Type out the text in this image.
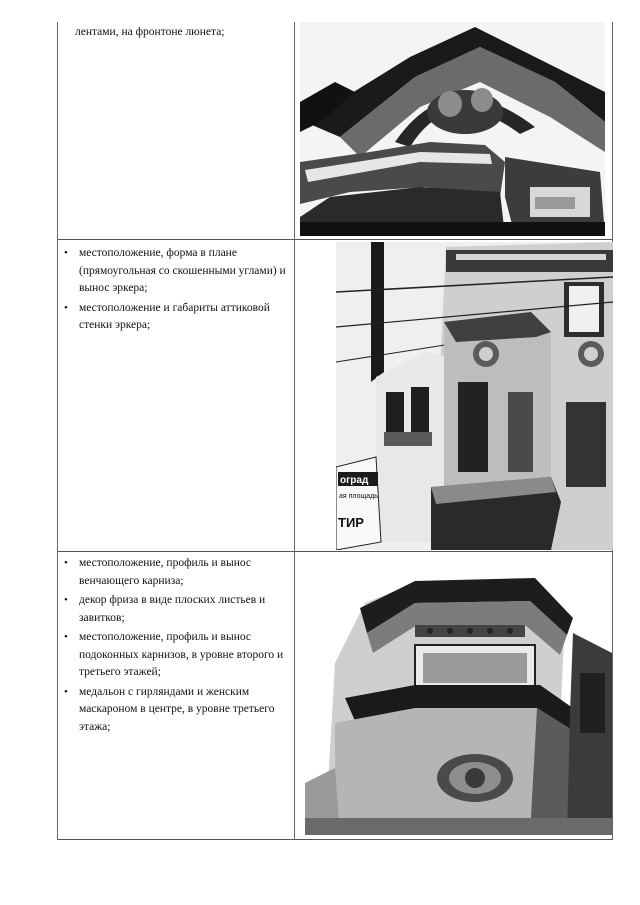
лентами, на фронтоне люнета;
• местоположение, форма в плане (прямоугольная со скошенными углами) и вынос эркера;
• местоположение и габариты аттиковой стенки эркера;
• местоположение, профиль и вынос венчающего карниза;
• декор фриза в виде плоских листьев и завитков;
• местоположение, профиль и вынос подоконных карнизов, в уровне второго и третьего этажей;
• медальон с гирляндами и женским маскароном в центре, в уровне третьего этажа;
оград
ая площадь
ТИР
